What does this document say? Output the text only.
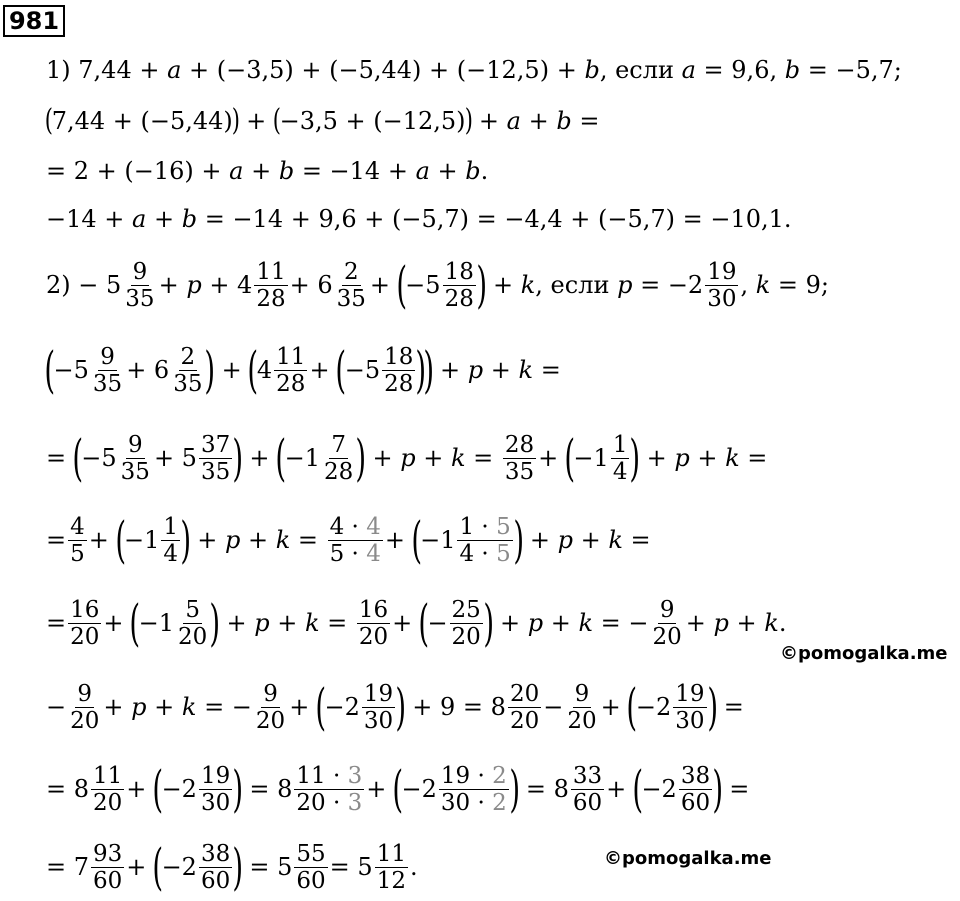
981
1)
7,44 + a + (−3,5) + (−5,44) + (−12,5) + b , если
a = 9,6, b = −5,7;
(
7,44 + (−5,44)
)
+
(
−3,5 + (−12,5)
)
+ a + b =
= 2 + (−16) + a + b = −14 + a + b .
−14 + a + b = −14 + 9,6 + (−5,7) = −4,4 + (−5,7) = −10,1.
$2) - 5 \frac{9}{35} + p + 4 \frac{11}{28} + 6 \frac{2}{35}$ +
(
$-5 \frac{18}{28}$ )
+ k , если
$p = -2 \frac{19}{30}$ , k = 9;
(
$-5 \frac{9}{35} + 6 \frac{2}{35}$ )
+
(
$4 \frac{11}{28}$ +
(
$-5 \frac{18}{28}$ )
)
+ p + k =
=
(
$-5 \frac{9}{35} + 5 \frac{37}{35}$ )
+
(
$-1 \frac{7}{28}$ )
+ $p + k = \frac{28}{35}$ +
(
$-1 \frac{1}{4}$ )
+ p + k =
= $\frac{4}{5}$ +
(
$-1 \frac{1}{4}$ )
+ $p + k = \frac{4 \cdot 4}{5 \cdot 4}$ +
(
$-1 \frac{1 \cdot 5}{4 \cdot 5}$ )
+ p + k =
= $\frac{16}{20}$ +
(
$-1 \frac{5}{20}$ )
+ $p + k = \frac{16}{20}$ +
(
− $\frac{25}{20}$ )
+ p + k = − $\frac{9}{20} + p + k$ .
©pomogalka.me
− $\frac{9}{20} + p + k$ = − $\frac{9}{20}$ +
(
$-2 \frac{19}{30}$ )
+ $9 = 8 \frac{20}{20} - \frac{9}{20}$ +
(
$-2 \frac{19}{30}$ )
=
= $8 \frac{11}{20}$ +
(
$-2 \frac{19}{30}$ )
= $8 \frac{11 \cdot 3}{20 \cdot 3}$ +
(
$-2 \frac{19 \cdot 2}{30 \cdot 2}$ )
= $8 \frac{33}{60}$ +
(
$-2 \frac{38}{60}$ )
=
= $7 \frac{93}{60}$ +
(
$-2 \frac{38}{60}$ )
= $5 \frac{55}{60} = 5 \frac{11}{12}$ .	©pomogalka.me
